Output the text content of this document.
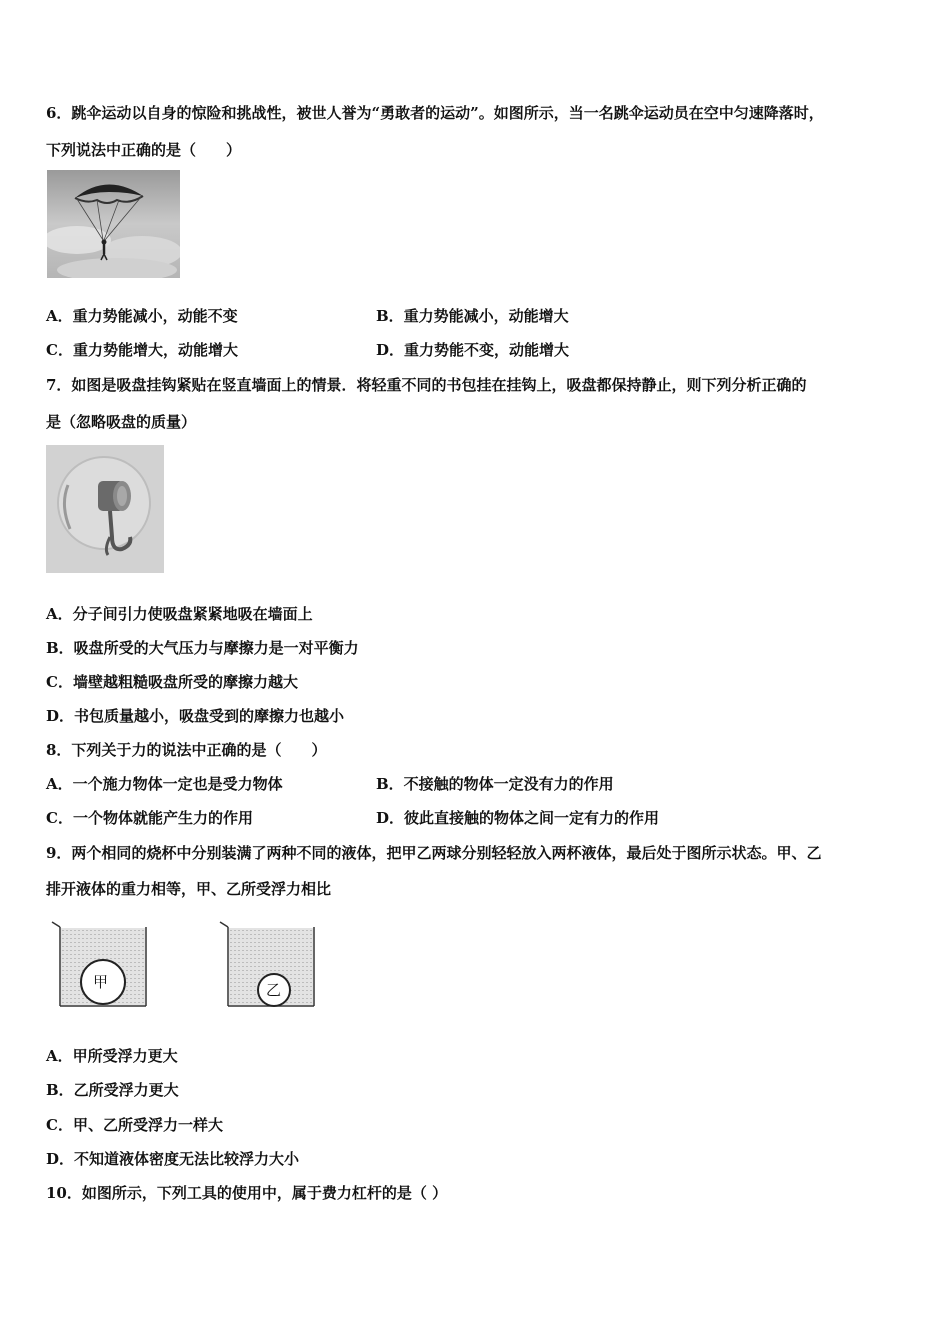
6．跳伞运动以自身的惊险和挑战性，被世人誉为“勇敢者的运动”。如图所示，当一名跳伞运动员在空中匀速降落时，
下列说法中正确的是（　　）
A．重力势能减小，动能不变	B．重力势能减小，动能增大
C．重力势能增大，动能增大	D．重力势能不变，动能增大
7．如图是吸盘挂钩紧贴在竖直墙面上的情景．将轻重不同的书包挂在挂钩上，吸盘都保持静止，则下列分析正确的
是（忽略吸盘的质量）
A．分子间引力使吸盘紧紧地吸在墙面上
B．吸盘所受的大气压力与摩擦力是一对平衡力
C．墙壁越粗糙吸盘所受的摩擦力越大
D．书包质量越小，吸盘受到的摩擦力也越小
8．下列关于力的说法中正确的是（　　）
A．一个施力物体一定也是受力物体	B．不接触的物体一定没有力的作用
C．一个物体就能产生力的作用	D．彼此直接触的物体之间一定有力的作用
9．两个相同的烧杯中分别装满了两种不同的液体，把甲乙两球分别轻轻放入两杯液体，最后处于图所示状态。甲、乙
排开液体的重力相等，甲、乙所受浮力相比
甲	乙
A．甲所受浮力更大
B．乙所受浮力更大
C．甲、乙所受浮力一样大
D．不知道液体密度无法比较浮力大小
10．如图所示，下列工具的使用中，属于费力杠杆的是（ ）
